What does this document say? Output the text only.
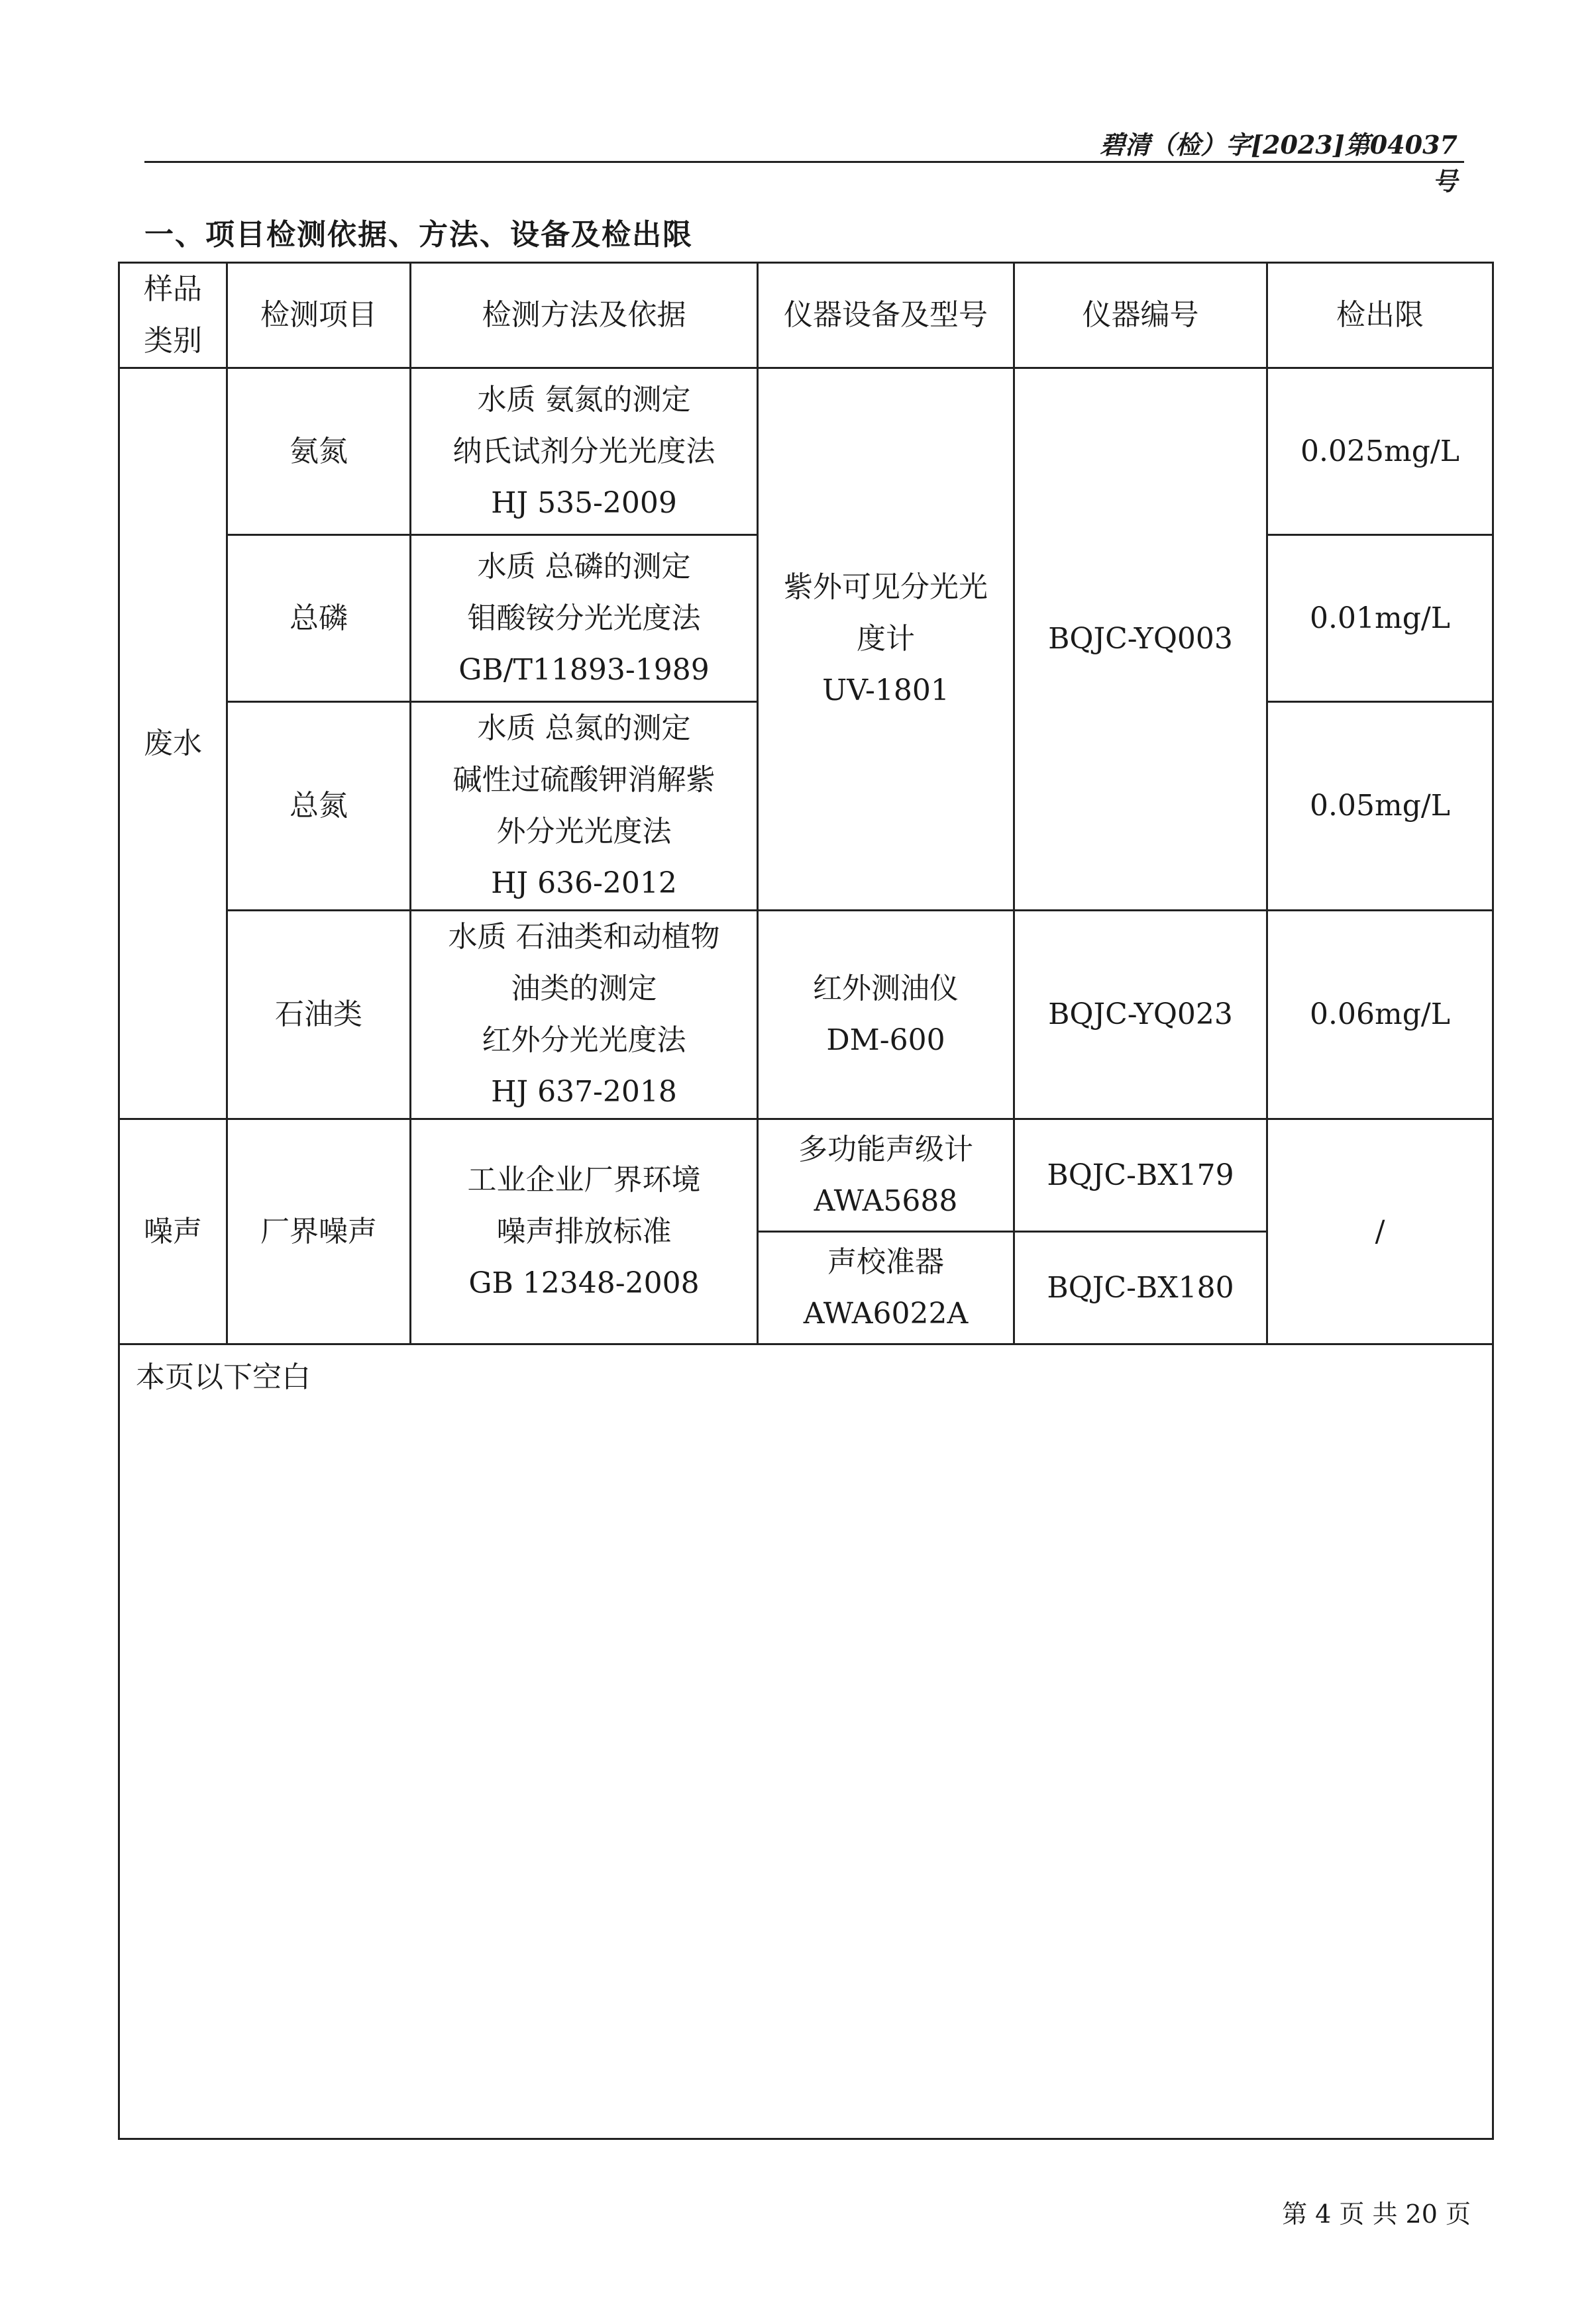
碧清（检）字[2023]第04037号
一、项目检测依据、方法、设备及检出限
样品
类别	检测项目	检测方法及依据	仪器设备及型号	仪器编号	检出限
废水	氨氮	水质 氨氮的测定
纳氏试剂分光光度法
HJ 535-2009	紫外可见分光光
度计
UV-1801	BQJC-YQ003	0.025mg/L
	总磷	水质 总磷的测定
钼酸铵分光光度法
GB/T11893-1989			0.01mg/L
	总氮	水质 总氮的测定
碱性过硫酸钾消解紫
外分光光度法
HJ 636-2012			0.05mg/L
	石油类	水质 石油类和动植物
油类的测定
红外分光光度法
HJ 637-2018	红外测油仪
DM-600	BQJC-YQ023	0.06mg/L
噪声	厂界噪声	工业企业厂界环境
噪声排放标准
GB 12348-2008	多功能声级计
AWA5688	BQJC-BX179	/

			声校准器
AWA6022A	BQJC-BX180	
本页以下空白					
第 4 页 共 20 页
